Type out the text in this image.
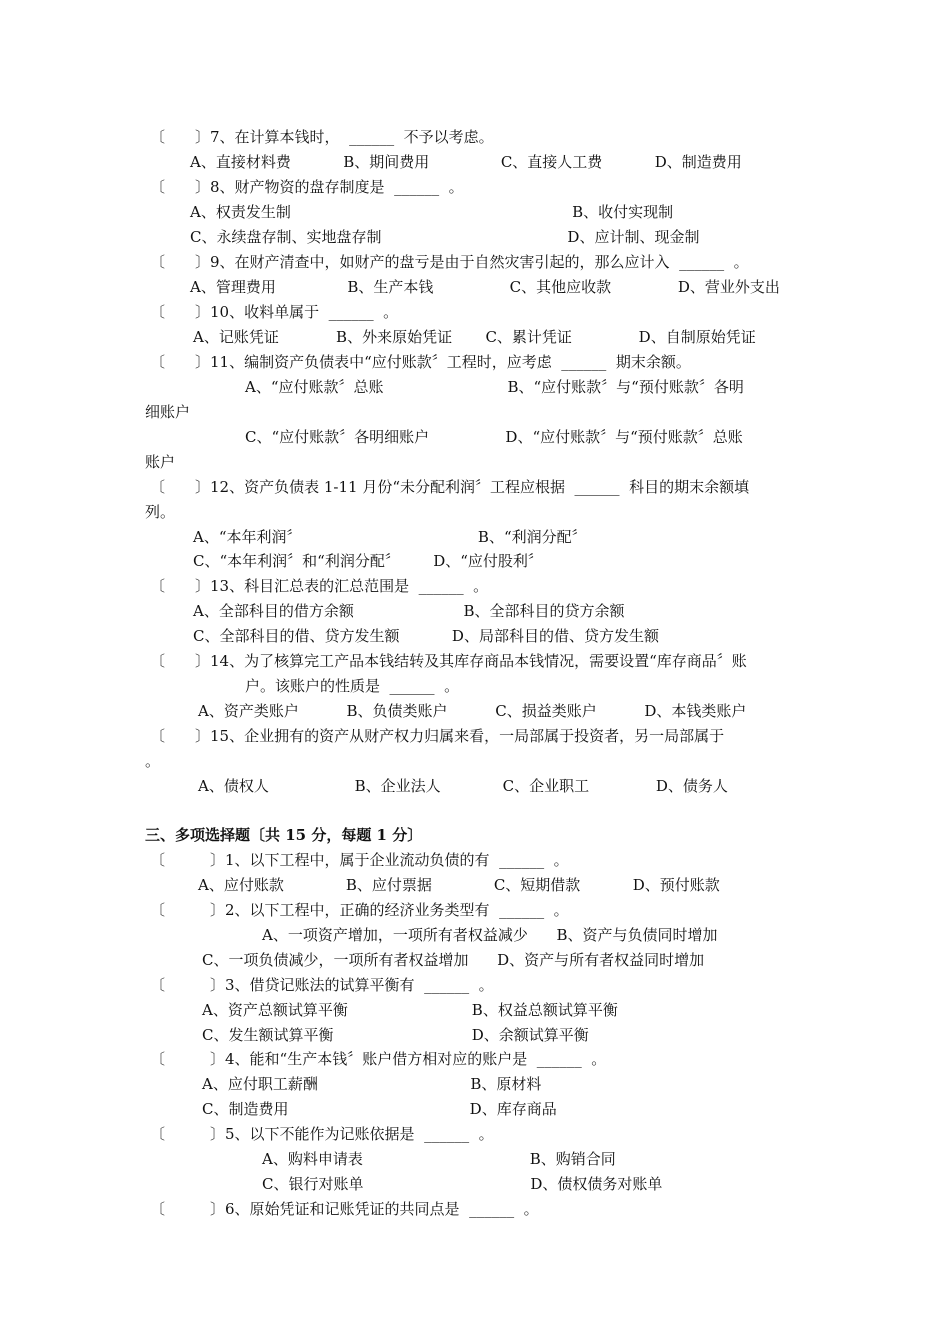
〔　　〕7、在计算本钱时，  ______  不予以考虑。
A、直接材料费           B、期间费用               C、直接人工费           D、制造费用
〔　　〕8、财产物资的盘存制度是  ______  。
A、权责发生制                                                           B、收付实现制
C、永续盘存制、实地盘存制                                       D、应计制、现金制
〔　　〕9、在财产清查中，如财产的盘亏是由于自然灾害引起的，那么应计入  ______  。
A、管理费用               B、生产本钱                C、其他应收款              D、营业外支出
〔　　〕10、收料单属于  ______  。
A、记账凭证            B、外来原始凭证       C、累计凭证              D、自制原始凭证
〔　　〕11、编制资产负债表中“应付账款〞工程时，应考虑  ______  期末余额。
A、“应付账款〞总账                          B、“应付账款〞与“预付账款〞各明
细账户
C、“应付账款〞各明细账户                D、“应付账款〞与“预付账款〞总账
账户
〔　　〕12、资产负债表 1-11 月份“未分配利润〞工程应根据  ______  科目的期末余额填
列。
A、“本年利润〞                                     B、“利润分配〞
C、“本年利润〞和“利润分配〞       D、“应付股利〞
〔　　〕13、科目汇总表的汇总范围是  ______  。
A、全部科目的借方余额                       B、全部科目的贷方余额
C、全部科目的借、贷方发生额           D、局部科目的借、贷方发生额
〔　　〕14、为了核算完工产品本钱结转及其库存商品本钱情况，需要设置“库存商品〞账
户。该账户的性质是  ______  。
A、资产类账户          B、负债类账户          C、损益类账户          D、本钱类账户
〔　　〕15、企业拥有的资产从财产权力归属来看，一局部属于投资者，另一局部属于
。
A、债权人                  B、企业法人             C、企业职工              D、债务人
三、多项选择题〔共 15 分，每题 1 分〕
〔　　　〕1、以下工程中，属于企业流动负债的有  ______  。
A、应付账款             B、应付票据             C、短期借款           D、预付账款
〔　　　〕2、以下工程中，正确的经济业务类型有  ______  。
A、一项资产增加，一项所有者权益减少      B、资产与负债同时增加
C、一项负债减少，一项所有者权益增加      D、资产与所有者权益同时增加
〔　　　〕3、借贷记账法的试算平衡有  ______  。
A、资产总额试算平衡                          B、权益总额试算平衡
C、发生额试算平衡                             D、余额试算平衡
〔　　　〕4、能和“生产本钱〞账户借方相对应的账户是  ______  。
A、应付职工薪酬                                B、原材料
C、制造费用                                      D、库存商品
〔　　　〕5、以下不能作为记账依据是  ______  。
A、购料申请表                                   B、购销合同
C、银行对账单                                   D、债权债务对账单
〔　　　〕6、原始凭证和记账凭证的共同点是  ______  。
